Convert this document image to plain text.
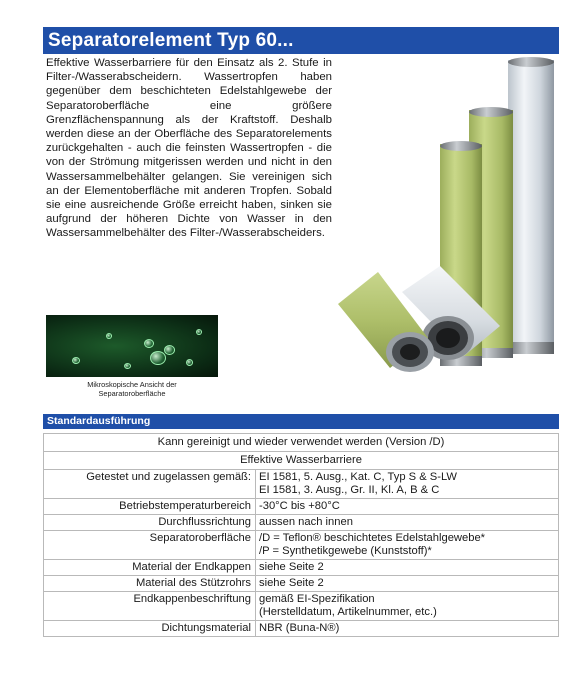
Separatorelement Typ 60...

Effektive Wasserbarriere für den Einsatz als 2. Stufe in Filter-/Wasserabscheidern. Wassertropfen haben gegenüber dem beschichteten Edelstahlgewebe der Separatoroberfläche eine größere Grenzflächenspannung als der Kraftstoff. Deshalb werden diese an der Oberfläche des Separatorelements zurückgehalten - auch die feinsten Wassertropfen - die von der Strömung mitgerissen werden und nicht in den Wassersammelbehälter gelangen. Sie vereinigen sich an der Elementoberfläche mit anderen Tropfen. Sobald sie eine ausreichende Größe erreicht haben, sinken sie aufgrund der höheren Dichte von Wasser in den Wassersammelbehälter des Filter-/Wasserabscheiders.

Mikroskopische Ansicht der
Separatoroberfläche
Standardausführung
Kann gereinigt und wieder verwendet werden (Version /D)	
Effektive Wasserbarriere	
Getestet und zugelassen gemäß:	EI 1581, 5. Ausg., Kat. C, Typ S & S-LW
EI 1581, 3. Ausg., Gr. II, Kl. A, B & C

Betriebstemperaturbereich	-30°C bis +80°C

Durchflussrichtung	aussen nach innen

Separatoroberfläche	/D = Teflon® beschichtetes Edelstahlgewebe*
/P = Synthetikgewebe (Kunststoff)*

Material der Endkappen	siehe Seite 2

Material des Stützrohrs	siehe Seite 2

Endkappenbeschriftung	gemäß EI-Spezifikation
(Herstelldatum, Artikelnummer, etc.)

Dichtungsmaterial	NBR (Buna-N®)
